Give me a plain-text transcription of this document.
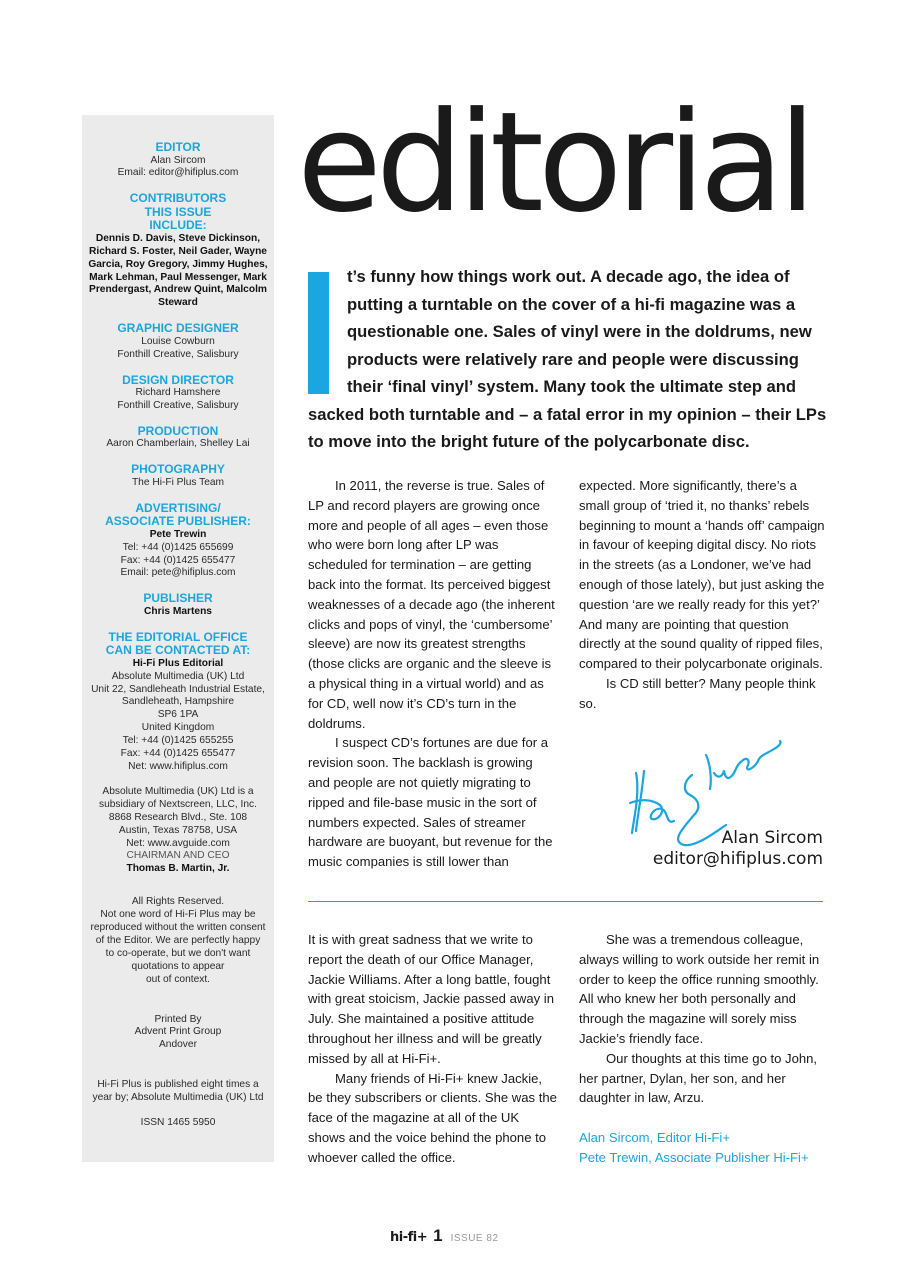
EDITOR
Alan Sircom
Email: editor@hifiplus.com
CONTRIBUTORS THIS ISSUE INCLUDE:
Dennis D. Davis, Steve Dickinson, Richard S. Foster, Neil Gader, Wayne Garcia, Roy Gregory, Jimmy Hughes, Mark Lehman, Paul Messenger, Mark Prendergast, Andrew Quint, Malcolm Steward
GRAPHIC DESIGNER
Louise Cowburn
Fonthill Creative, Salisbury
DESIGN DIRECTOR
Richard Hamshere
Fonthill Creative, Salisbury
PRODUCTION
Aaron Chamberlain, Shelley Lai
PHOTOGRAPHY
The Hi-Fi Plus Team
ADVERTISING/ ASSOCIATE PUBLISHER:
Pete Trewin
Tel: +44 (0)1425 655699
Fax: +44 (0)1425 655477
Email: pete@hifiplus.com
PUBLISHER
Chris Martens
THE EDITORIAL OFFICE CAN BE CONTACTED AT:
Hi-Fi Plus Editorial
Absolute Multimedia (UK) Ltd
Unit 22, Sandleheath Industrial Estate,
Sandleheath, Hampshire
SP6 1PA
United Kingdom
Tel: +44 (0)1425 655255
Fax: +44 (0)1425 655477
Net: www.hifiplus.com
Absolute Multimedia (UK) Ltd is a
subsidiary of Nextscreen, LLC, Inc.
8868 Research Blvd., Ste. 108
Austin, Texas 78758, USA
Net: www.avguide.com
CHAIRMAN AND CEO
Thomas B. Martin, Jr.
All Rights Reserved.
Not one word of Hi-Fi Plus may be
reproduced without the written consent
of the Editor. We are perfectly happy
to co-operate, but we don't want
quotations to appear
out of context.
Printed By
Advent Print Group
Andover
Hi-Fi Plus is published eight times a
year by; Absolute Multimedia (UK) Ltd
ISSN 1465 5950
editorial

t’s funny how things work out. A decade ago, the idea of putting a turntable on the cover of a hi-fi magazine was a questionable one. Sales of vinyl were in the doldrums, new products were relatively rare and people were discussing their ‘final vinyl’ system. Many took the ultimate step and sacked both turntable and – a fatal error in my opinion – their LPs to move into the bright future of the polycarbonate disc.

In 2011, the reverse is true. Sales of LP and record players are growing once more and people of all ages – even those who were born long after LP was scheduled for termination – are getting back into the format. Its perceived biggest weaknesses of a decade ago (the inherent clicks and pops of vinyl, the ‘cumbersome’ sleeve) are now its greatest strengths (those clicks are organic and the sleeve is a physical thing in a virtual world) and as for CD, well now it’s CD’s turn in the doldrums.

I suspect CD’s fortunes are due for a revision soon. The backlash is growing and people are not quietly migrating to ripped and file-base music in the sort of numbers expected. Sales of streamer hardware are buoyant, but revenue for the music companies is still lower than

expected. More significantly, there’s a small group of ‘tried it, no thanks’ rebels beginning to mount a ‘hands off’ campaign in favour of keeping digital discy. No riots in the streets (as a Londoner, we’ve had enough of those lately), but just asking the question ‘are we really ready for this yet?’ And many are pointing that question directly at the sound quality of ripped files, compared to their polycarbonate originals.

Is CD still better? Many people think so.

Alan Sircom
editor@hifiplus.com

It is with great sadness that we write to report the death of our Office Manager, Jackie Williams. After a long battle, fought with great stoicism, Jackie passed away in July. She maintained a positive attitude throughout her illness and will be greatly missed by all at Hi-Fi+.

Many friends of Hi-Fi+ knew Jackie, be they subscribers or clients. She was the face of the magazine at all of the UK shows and the voice behind the phone to whoever called the office.

She was a tremendous colleague, always willing to work outside her remit in order to keep the office running smoothly. All who knew her both personally and through the magazine will sorely miss Jackie’s friendly face.

Our thoughts at this time go to John, her partner, Dylan, her son, and her daughter in law, Arzu.

Alan Sircom, Editor Hi-Fi+

Pete Trewin, Associate Publisher Hi-Fi+

hi-fi+ 1 ISSUE 82
